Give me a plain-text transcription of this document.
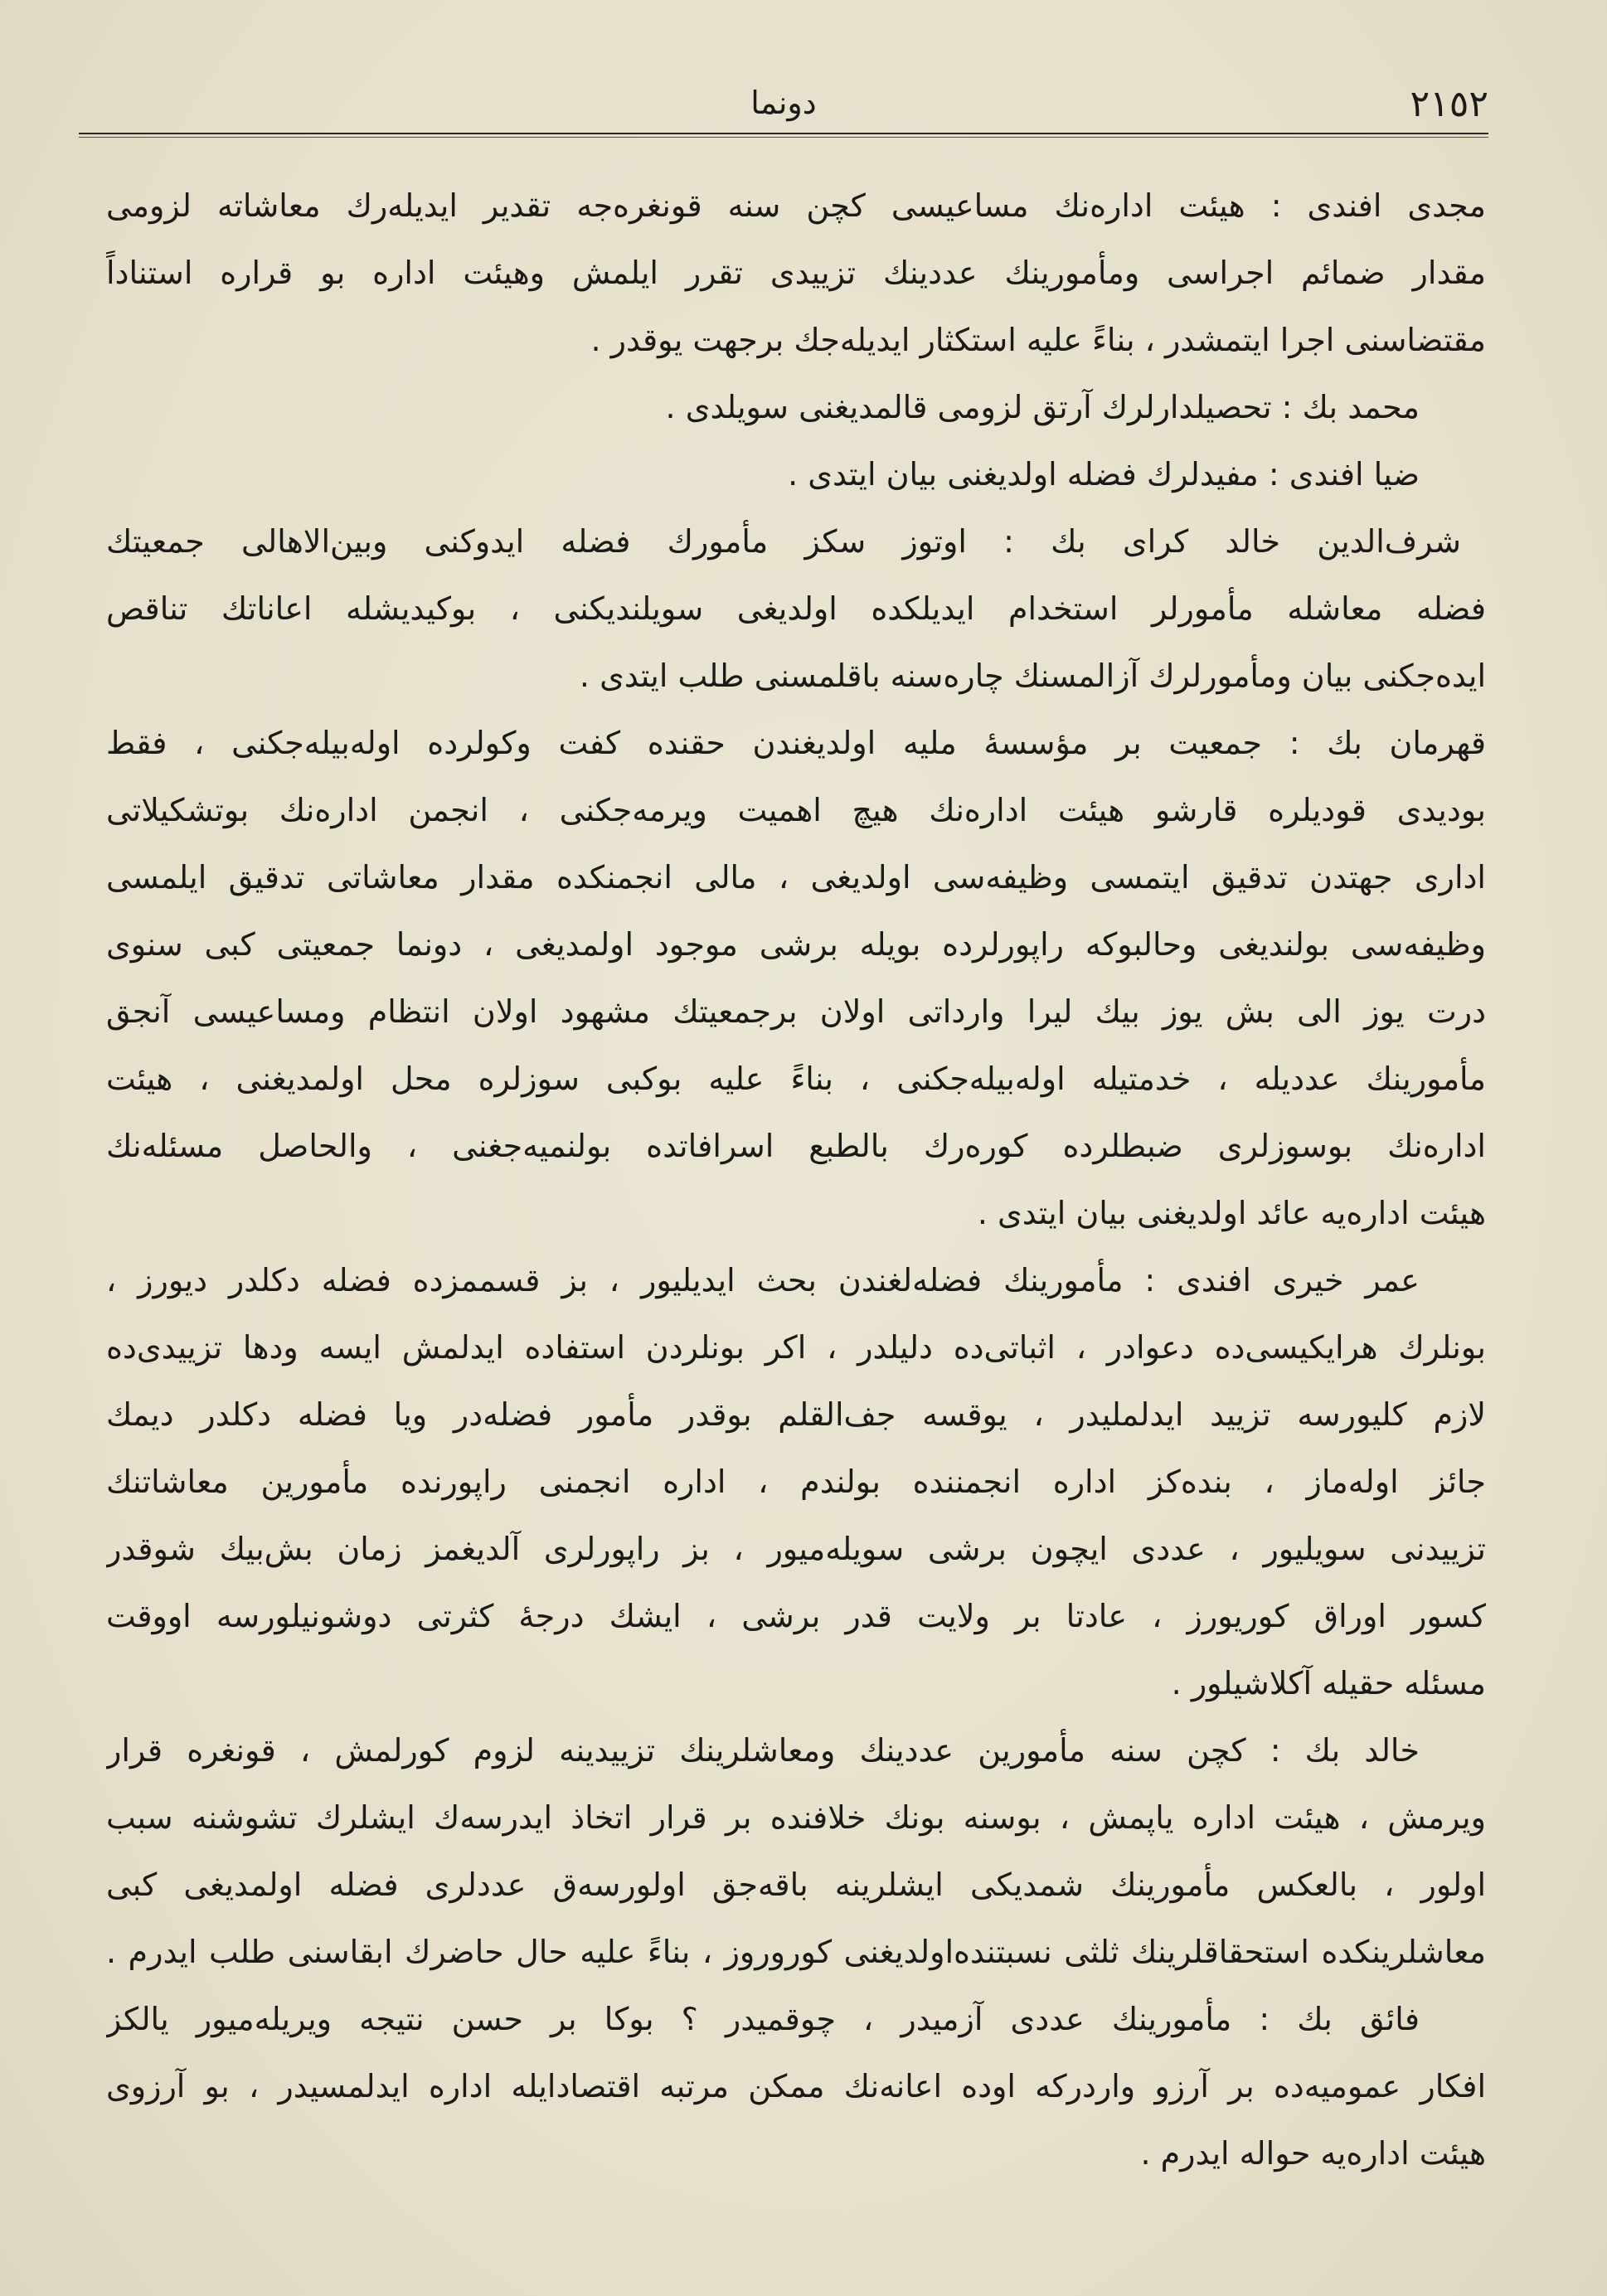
٢١٥٢
دونما
مجدی افندی : هیئت اداره‌نك مساعیسی کچن سنه قونغره‌جه تقدیر ایدیله‌رك معاشاته لزومی
مقدار ضمائم اجراسی ومأمورینك عددینك تزییدی تقرر ایلمش وهیئت اداره بو قراره استناداً
مقتضاسنی اجرا ایتمشدر ، بناءً علیه استکثار ایدیله‌جك برجهت یوقدر .
محمد بك : تحصیلدارلرك آرتق لزومی قالمدیغنی سویلدی .
ضیا افندی : مفیدلرك فضله اولدیغنی بیان ایتدی .
شرف‌الدین خالد کرای بك : اوتوز سکز مأمورك فضله ایدوکنی وبین‌الاهالی جمعیتك
فضله معاشله مأمورلر استخدام ایدیلکده اولدیغی سویلندیکنی ، بوکیدیشله اعاناتك تناقص
ایده‌جکنی بیان ومأمورلرك آزالمسنك چاره‌سنه باقلمسنی طلب ایتدی .
قهرمان بك : جمعیت بر مؤسسهٔ ملیه اولدیغندن حقنده کفت وکولرده اوله‌بیله‌جکنی ، فقط
بودیدی قودیلره قارشو هیئت اداره‌نك هیچ اهمیت ویرمه‌جکنی ، انجمن اداره‌نك بوتشکیلاتی
اداری جهتدن تدقیق ایتمسی وظیفه‌سی اولدیغی ، مالی انجمنکده مقدار معاشاتی تدقیق ایلمسی
وظیفه‌سی بولندیغی وحالبوکه راپورلرده بویله برشی موجود اولمدیغی ، دونما جمعیتی کبی سنوی
درت یوز الی بش یوز بیك لیرا وارداتی اولان برجمعیتك مشهود اولان انتظام ومساعیسی آنجق
مأمورینك عددیله ، خدمتیله اوله‌بیله‌جکنی ، بناءً علیه بوکبی سوزلره محل اولمدیغنی ، هیئت
اداره‌نك بوسوزلری ضبطلرده کوره‌رك بالطبع اسرافاتده بولنمیه‌جغنی ، والحاصل مسئله‌نك
هیئت اداره‌یه عائد اولدیغنی بیان ایتدی .
عمر خیری افندی : مأمورینك فضله‌لغندن بحث ایدیلیور ، بز قسممزده فضله دکلدر دیورز ،
بونلرك هرایکیسی‌ده دعوادر ، اثباتی‌ده دلیلدر ، اکر بونلردن استفاده ایدلمش ایسه ودها تزییدی‌ده
لازم کلیورسه تزیید ایدلملیدر ، یوقسه جف‌القلم بوقدر مأمور فضله‌در ویا فضله دکلدر دیمك
جائز اوله‌ماز ، بنده‌کز اداره انجمننده بولندم ، اداره انجمنی راپورنده مأمورین معاشاتنك
تزییدنی سویلیور ، عددی ایچون برشی سویله‌میور ، بز راپورلری آلدیغمز زمان بش‌بیك شوقدر
کسور اوراق کوریورز ، عادتا بر ولایت قدر برشی ، ایشك درجهٔ کثرتی دوشونیلورسه اووقت
مسئله حقیله آکلاشیلور .
خالد بك : کچن سنه مأمورین عددینك ومعاشلرینك تزییدینه لزوم کورلمش ، قونغره قرار
ویرمش ، هیئت اداره یاپمش ، بوسنه بونك خلافنده بر قرار اتخاذ ایدرسه‌ك ایشلرك تشوشنه سبب
اولور ، بالعکس مأمورینك شمدیکی ایشلرینه باقه‌جق اولورسه‌ق عددلری فضله اولمدیغی کبی
معاشلرینکده استحقاقلرینك ثلثی نسبتنده‌اولدیغنی کوروروز ، بناءً علیه حال حاضرك ابقاسنی طلب ایدرم .
فائق بك : مأمورینك عددی آزمیدر ، چوقمیدر ؟ بوکا بر حسن نتیجه ویریله‌میور یالکز
افکار عمومیه‌ده بر آرزو واردرکه اوده اعانه‌نك ممکن مرتبه اقتصادایله اداره ایدلمسیدر ، بو آرزوی
هیئت اداره‌یه حواله ایدرم .
